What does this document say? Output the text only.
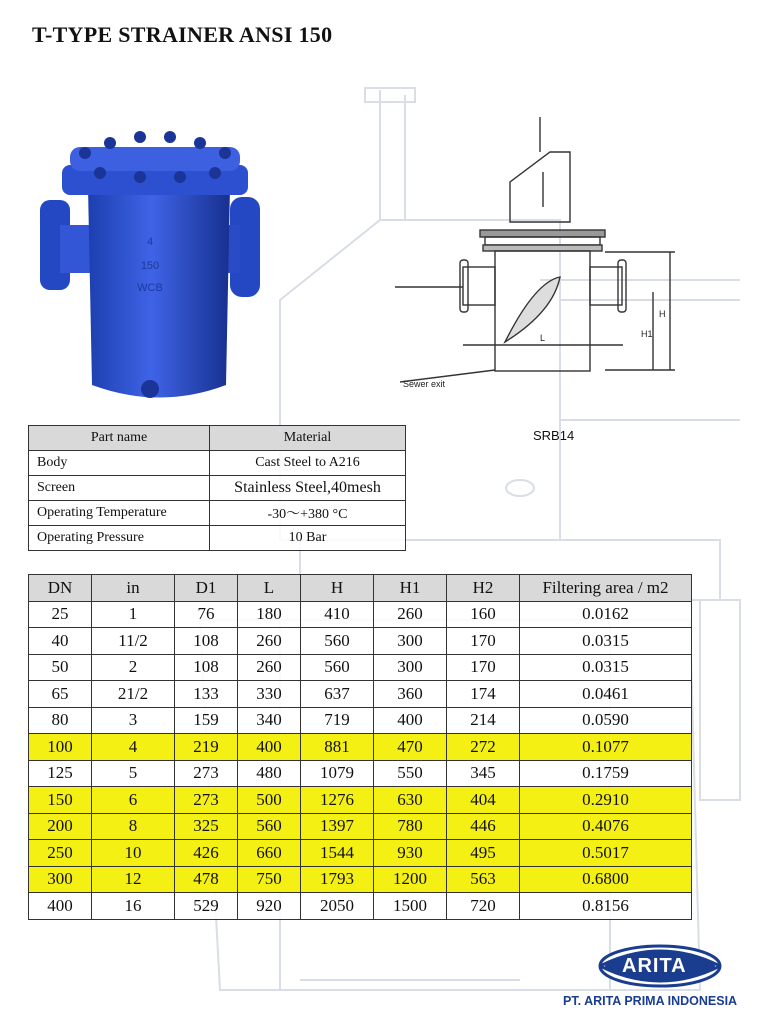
T-TYPE STRAINER ANSI 150
4
150
WCB
H
H1
L
Sewer exit
SRB14
Part name	Material
Body	Cast Steel to A216
Screen	Stainless Steel,40mesh
Operating Temperature	-30～+380 °C
Operating Pressure	10 Bar
DN	in	D1	L	H	H1	H2	Filtering area / m2
25	1	76	180	410	260	160	0.0162
40	11/2	108	260	560	300	170	0.0315
50	2	108	260	560	300	170	0.0315
65	21/2	133	330	637	360	174	0.0461
80	3	159	340	719	400	214	0.0590
100	4	219	400	881	470	272	0.1077
125	5	273	480	1079	550	345	0.1759
150	6	273	500	1276	630	404	0.2910
200	8	325	560	1397	780	446	0.4076
250	10	426	660	1544	930	495	0.5017
300	12	478	750	1793	1200	563	0.6800
400	16	529	920	2050	1500	720	0.8156
ARITA
PT. ARITA PRIMA INDONESIA
